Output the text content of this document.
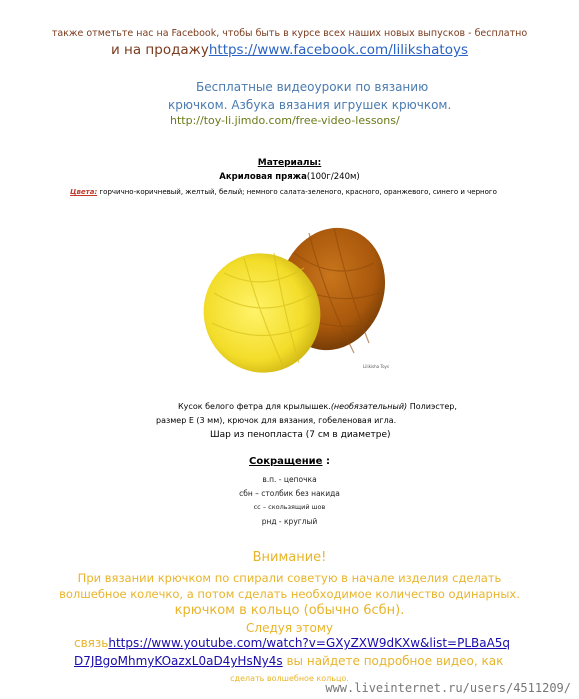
также отметьте нас на Facebook, чтобы быть в курсе всех наших новых выпусков - бесплатно
и на продажуhttps://www.facebook.com/lilikshatoys
Бесплатные видеоуроки по вязанию
крючком. Азбука вязания игрушек крючком.
http://toy-li.jimdo.com/free-video-lessons/
Материалы:
Акриловая пряжа(100г/240м)
Цвета: горчично-коричневый, желтый, белый; немного салата-зеленого, красного, оранжевого, синего и черного
Lilikisha Toys
Кусок белого фетра для крылышек.(необязательный) Полиэстер,
размер E (3 мм), крючок для вязания, гобеленовая игла.
Шар из пенопласта (7 см в диаметре)
Сокращение :
в.п. - цепочка
сбн – столбик без накида
сс – скользящий шов
рнд - круглый
Внимание!
При вязании крючком по спирали советую в начале изделия сделать
волшебное колечко, а потом сделать необходимое количество одинарных.
крючком в кольцо (обычно 6сбн).
Следуя этому
связьhttps://www.youtube.com/watch?v=GXyZXW9dKXw&list=PLBaA5q
D7JBgoMhmyKOazxL0aD4yHsNy4s вы найдете подробное видео, как
сделать волшебное кольцо.
www.liveinternet.ru/users/4511209/
